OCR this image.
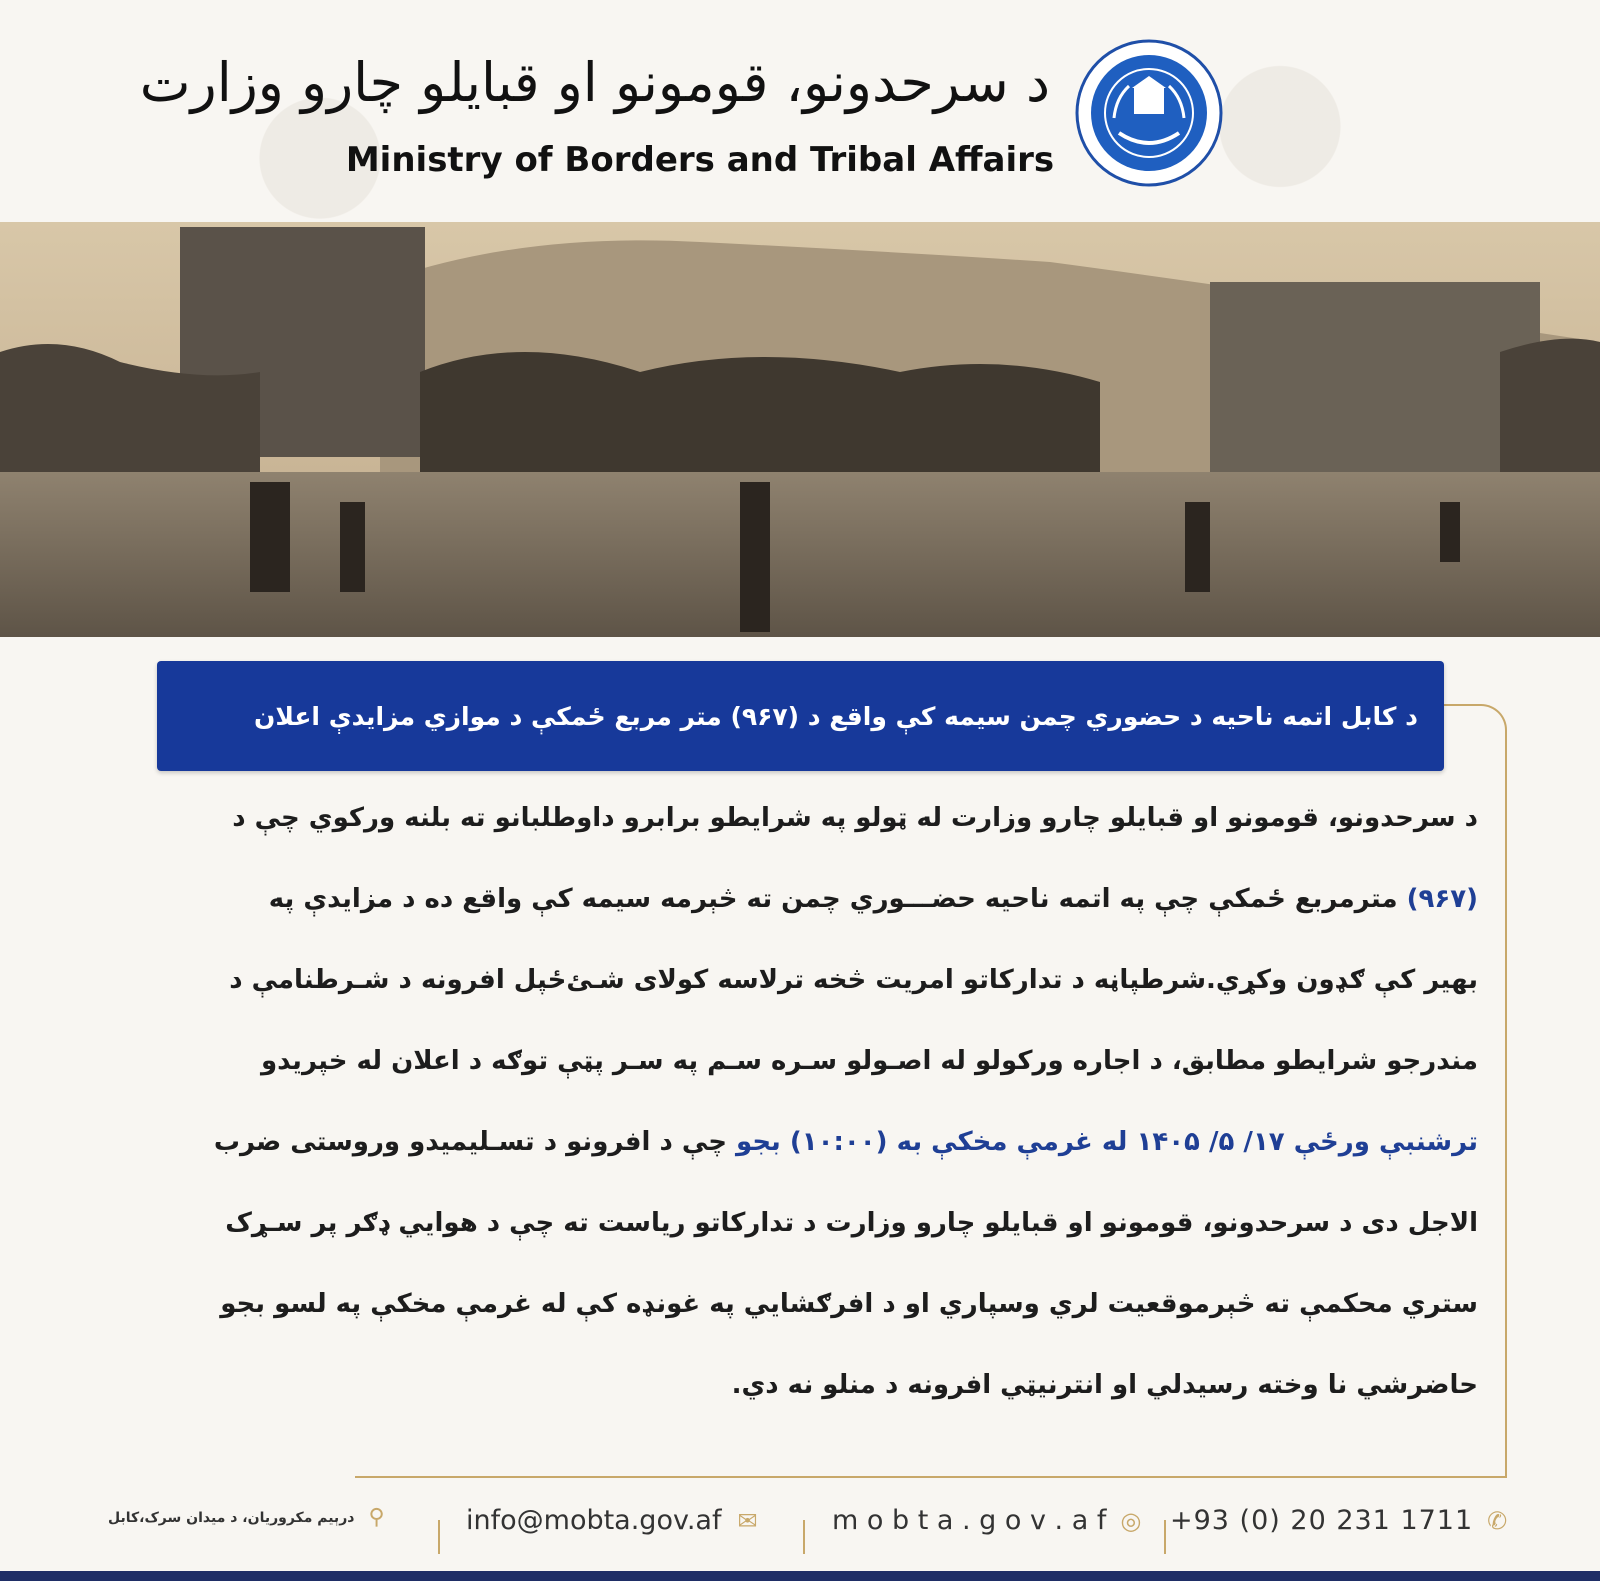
د سرحدونو، قومونو او قبایلو چارو وزارت
Ministry of Borders and Tribal Affairs
د کابل اتمه ناحیه د حضوري چمن سیمه کې واقع د (۹۶۷) متر مربع ځمکې د موازي مزایدې اعلان
د سرحدونو، قومونو او قبایلو چارو وزارت له ټولو په شرایطو برابرو داوطلبانو ته بلنه ورکوي چې د
(۹۶۷) مترمربع ځمکې چې په اتمه ناحیه حضـــوري چمن ته څېرمه سیمه کې واقع ده د مزایدې په
بهیر کې ګډون وکړي.شرطپاڼه د تدارکاتو امریت څخه ترلاسه کولای شـئ‌ځپل افرونه د شـرطنامې د
مندرجو شرایطو مطابق، د اجاره ورکولو له اصـولو سـره سـم په سـر پټې توګه د اعلان له خپریدو
ترشنبې ورځې ۱۷/ ۵/ ۱۴۰۵ له غرمې مخکې به (۱۰:۰۰) بجو چې د افرونو د تسـلیمیدو وروستی ضرب
الاجل دی د سرحدونو، قومونو او قبایلو چارو وزارت د تدارکاتو ریاست ته چې د هوایي ډګر پر سـړک
ستري محکمې ته څېرموقعیت لري وسپاري او د افرګشایي په غونډه کې له غرمې مخکې په لسو بجو
حاضرشي نا وخته رسیدلي او انترنیټي افرونه د منلو نه دي.
+93 (0) 20 231 1711 ✆
m o b t a . g o v . a f ◎
info@mobta.gov.af ✉
⚲
درېیم مکروریان، د میدان سرک،کابل
